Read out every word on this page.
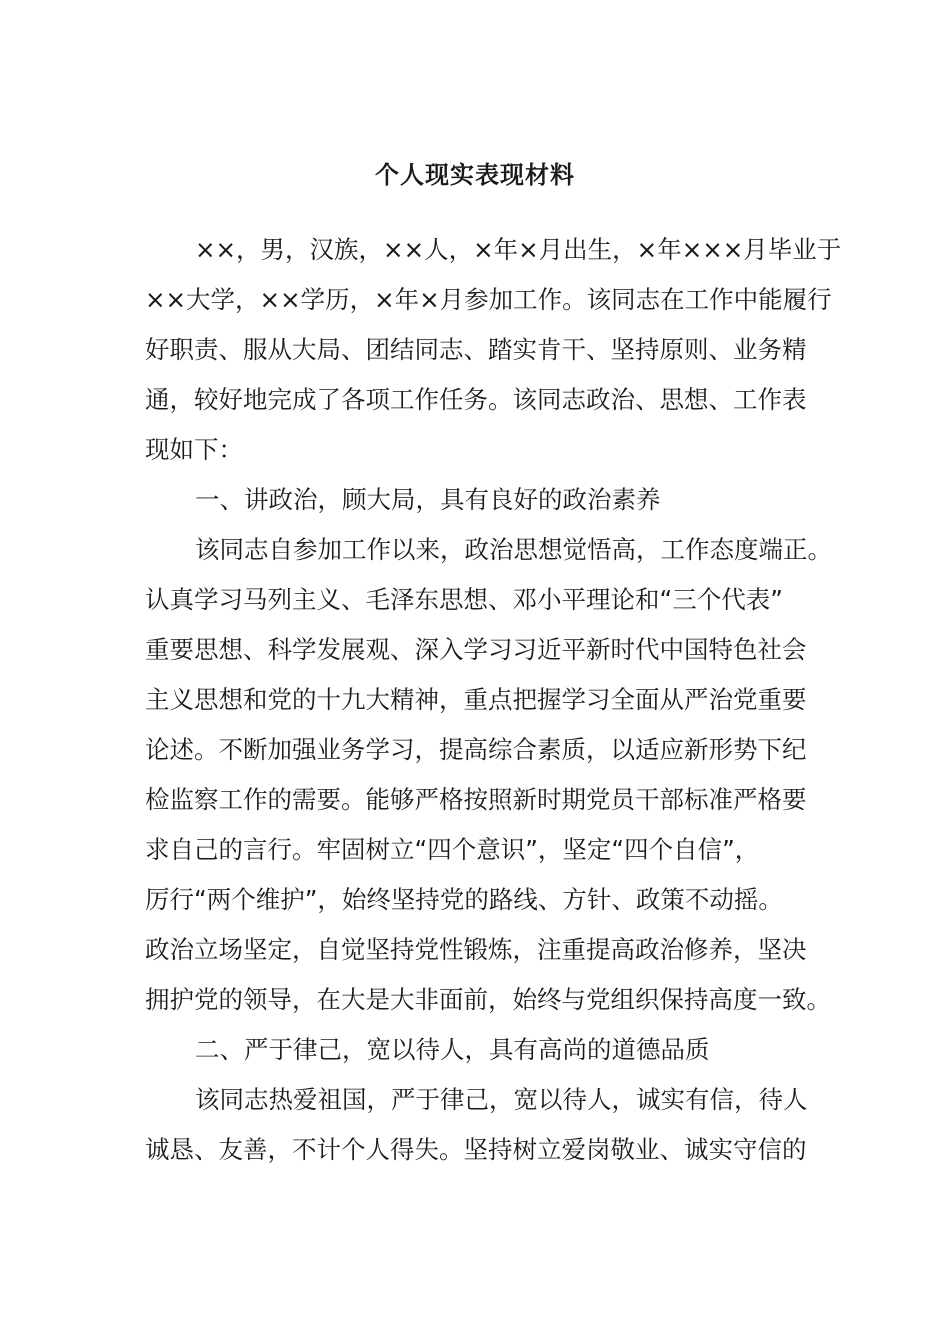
个人现实表现材料
××，男，汉族，××人，×年×月出生，×年×××月毕业于
××大学，××学历，×年×月参加工作。该同志在工作中能履行
好职责、服从大局、团结同志、踏实肯干、坚持原则、业务精
通，较好地完成了各项工作任务。该同志政治、思想、工作表
现如下：
一、讲政治，顾大局，具有良好的政治素养
该同志自参加工作以来，政治思想觉悟高，工作态度端正。
认真学习马列主义、毛泽东思想、邓小平理论和“三个代表”
重要思想、科学发展观、深入学习习近平新时代中国特色社会
主义思想和党的十九大精神，重点把握学习全面从严治党重要
论述。不断加强业务学习，提高综合素质，以适应新形势下纪
检监察工作的需要。能够严格按照新时期党员干部标准严格要
求自己的言行。牢固树立“四个意识”，坚定“四个自信”，
厉行“两个维护”，始终坚持党的路线、方针、政策不动摇。
政治立场坚定，自觉坚持党性锻炼，注重提高政治修养，坚决
拥护党的领导，在大是大非面前，始终与党组织保持高度一致。
二、严于律己，宽以待人，具有高尚的道德品质
该同志热爱祖国，严于律己，宽以待人，诚实有信，待人
诚恳、友善，不计个人得失。坚持树立爱岗敬业、诚实守信的
